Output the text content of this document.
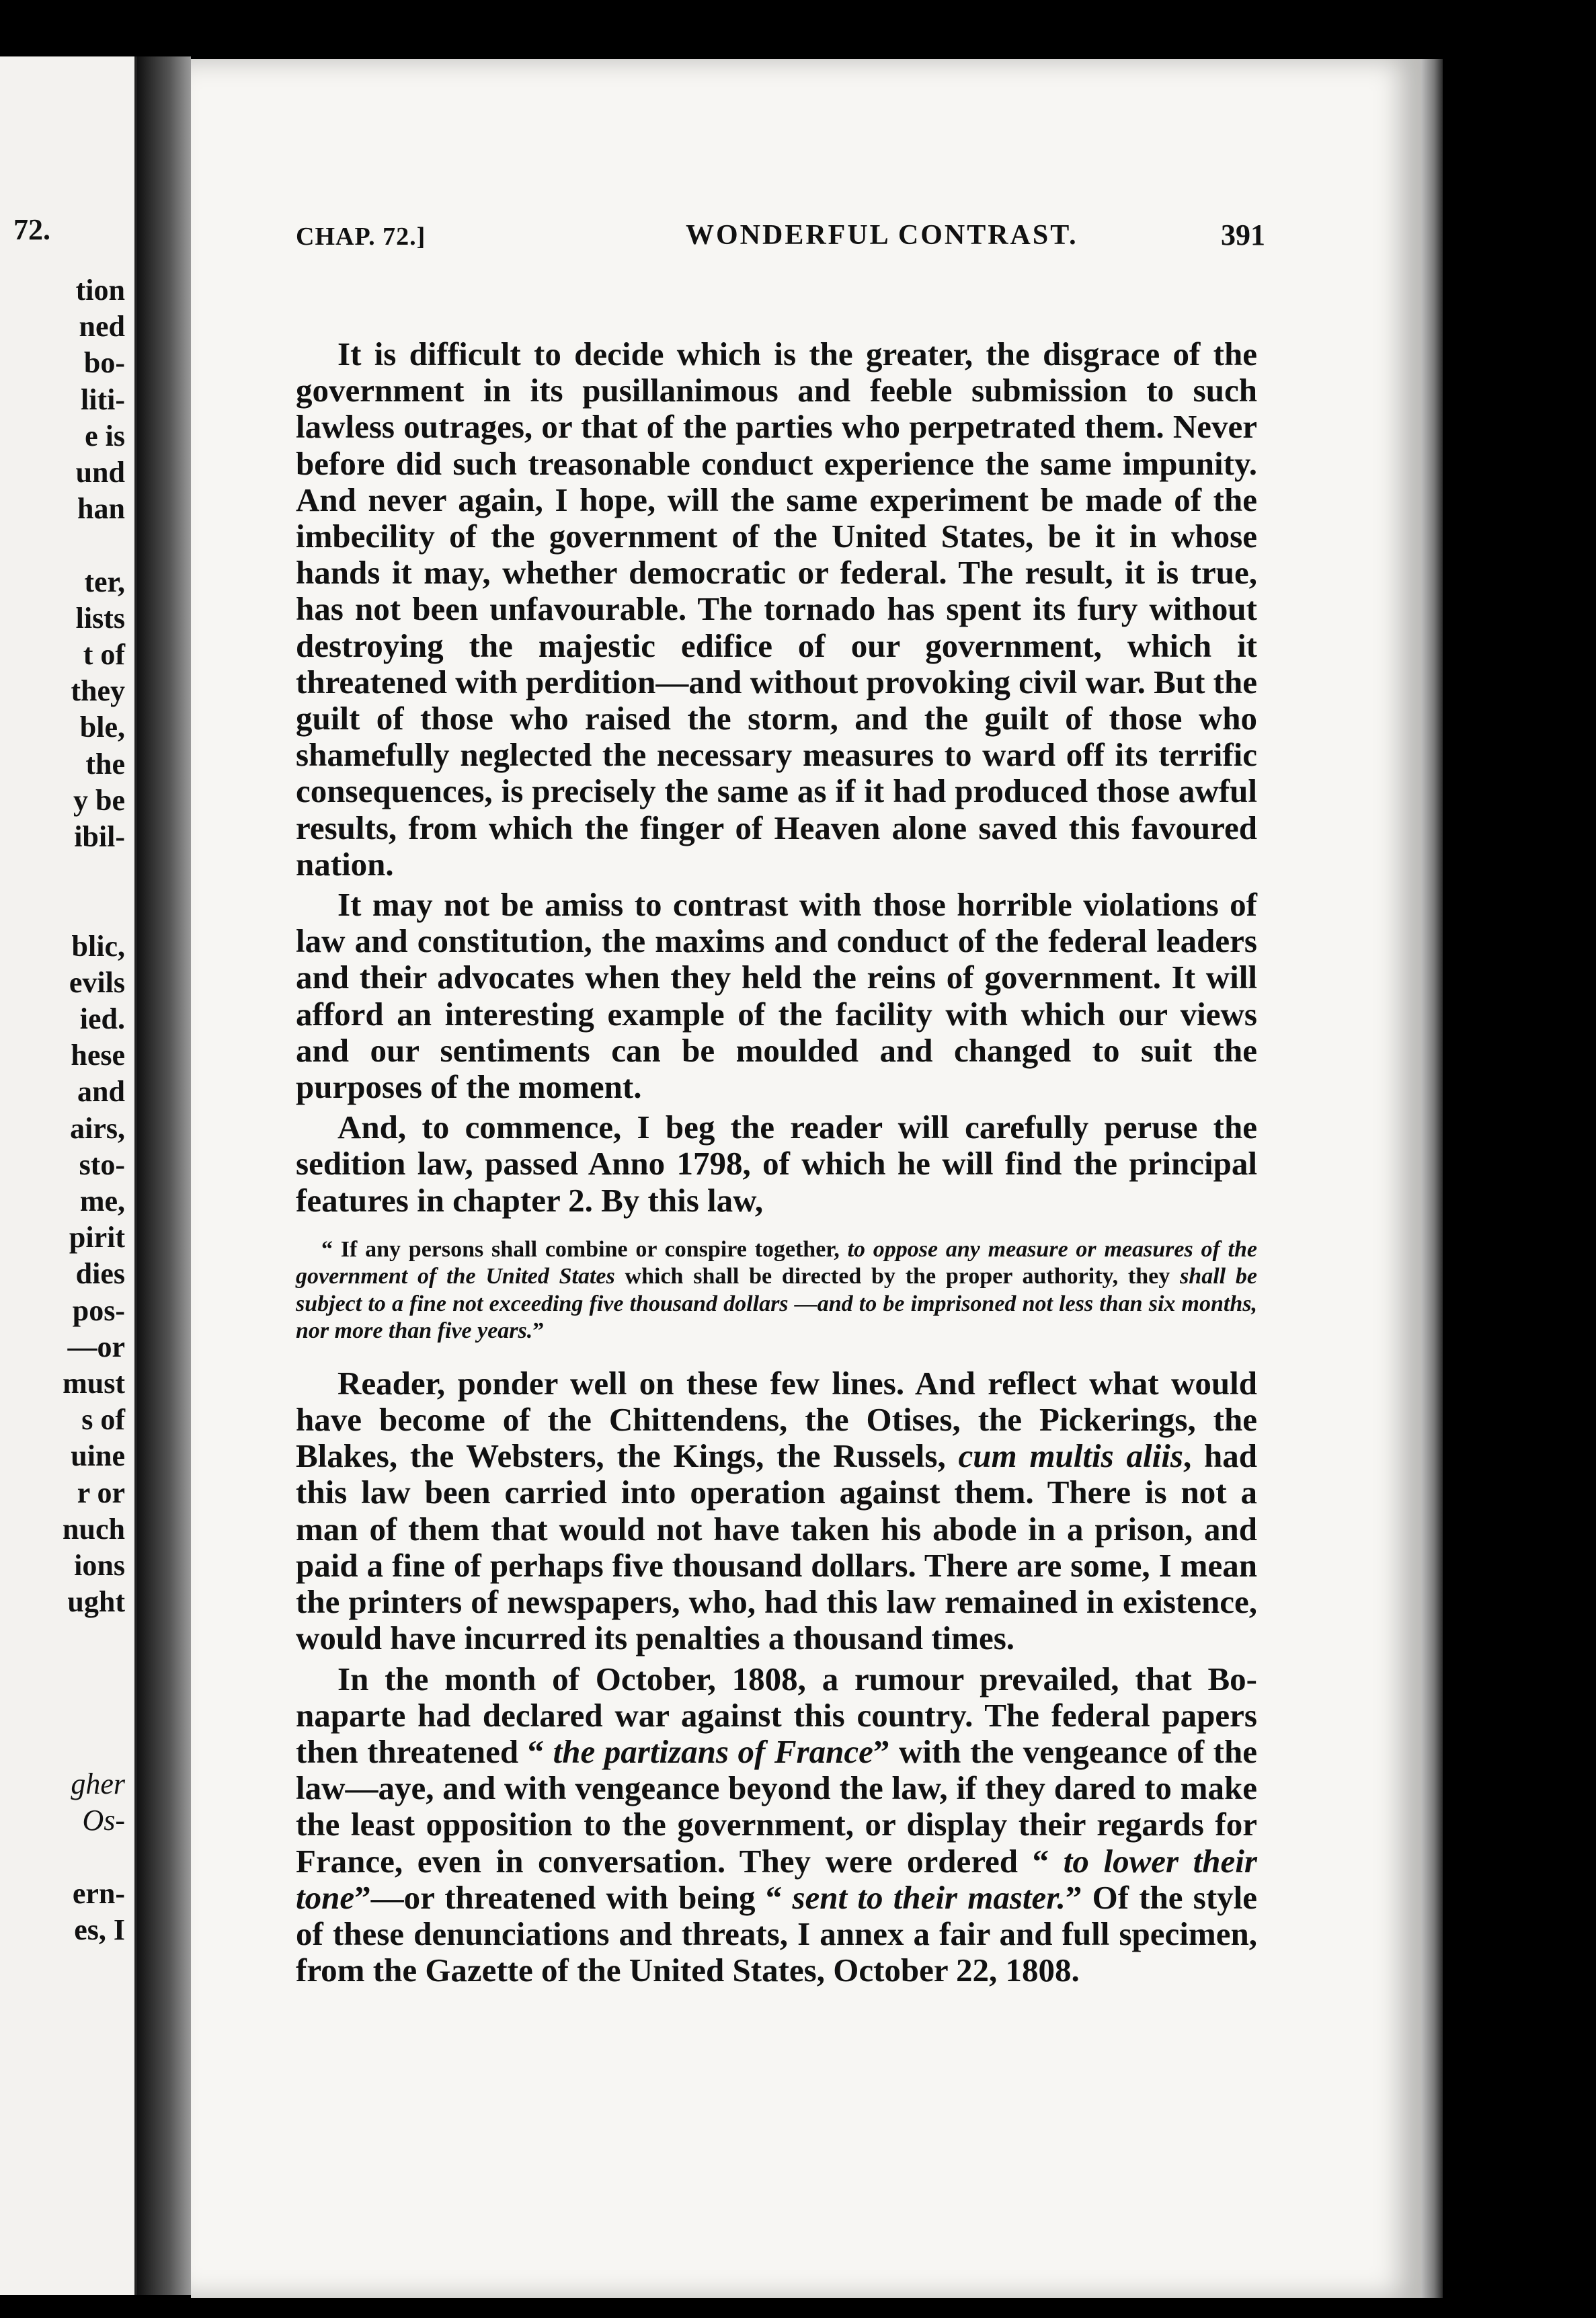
72.
tion
ned
bo-
liti-
e is
und
han
ter,
lists
t of
they
ble,
the
y be
ibil-
blic,
evils
ied.
hese
and
airs,
sto-
me,
pirit
dies
pos-
—or
must
s of
uine
r or
nuch
ions
ught
gher
Os-
ern-
es, I
CHAP. 72.]	WONDERFUL CONTRAST.	391

It is difficult to decide which is the greater, the disgrace of the government in its pusillanimous and feeble submission to such lawless outrages, or that of the parties who perpetrated them. Never before did such treasonable conduct experience the same impunity. And never again, I hope, will the same experiment be made of the imbecility of the government of the United States, be it in whose hands it may, whether democratic or federal. The result, it is true, has not been unfavourable. The tornado has spent its fury without destroying the majestic edifice of our government, which it threatened with perdition—and without provoking civil war. But the guilt of those who raised the storm, and the guilt of those who shamefully neglected the necessary measures to ward off its terrific consequences, is precisely the same as if it had produced those awful results, from which the finger of Heaven alone saved this favoured nation.

It may not be amiss to contrast with those horrible violations of law and constitution, the maxims and conduct of the federal leaders and their advocates when they held the reins of government. It will afford an interesting example of the facility with which our views and our sentiments can be moulded and changed to suit the purposes of the moment.

And, to commence, I beg the reader will carefully peruse the sedition law, passed Anno 1798, of which he will find the principal features in chapter 2. By this law,

“ If any persons shall combine or conspire together, to oppose any measure or measures of the government of the United States which shall be directed by the proper authority, they shall be subject to a fine not exceeding five thousand dollars —and to be imprisoned not less than six months, nor more than five years.”

Reader, ponder well on these few lines. And reflect what would have become of the Chittendens, the Otises, the Pickerings, the Blakes, the Websters, the Kings, the Russels, cum multis aliis, had this law been carried into operation against them. There is not a man of them that would not have taken his abode in a prison, and paid a fine of perhaps five thousand dollars. There are some, I mean the printers of newspapers, who, had this law remained in existence, would have incurred its penalties a thousand times.

In the month of October, 1808, a rumour prevailed, that Bonaparte had declared war against this country. The federal papers then threatened “ the partizans of France” with the vengeance of the law—aye, and with vengeance beyond the law, if they dared to make the least opposition to the government, or display their regards for France, even in conversation. They were ordered “ to lower their tone”—or threatened with being “ sent to their master.” Of the style of these denunciations and threats, I annex a fair and full specimen, from the Gazette of the United States, October 22, 1808.
